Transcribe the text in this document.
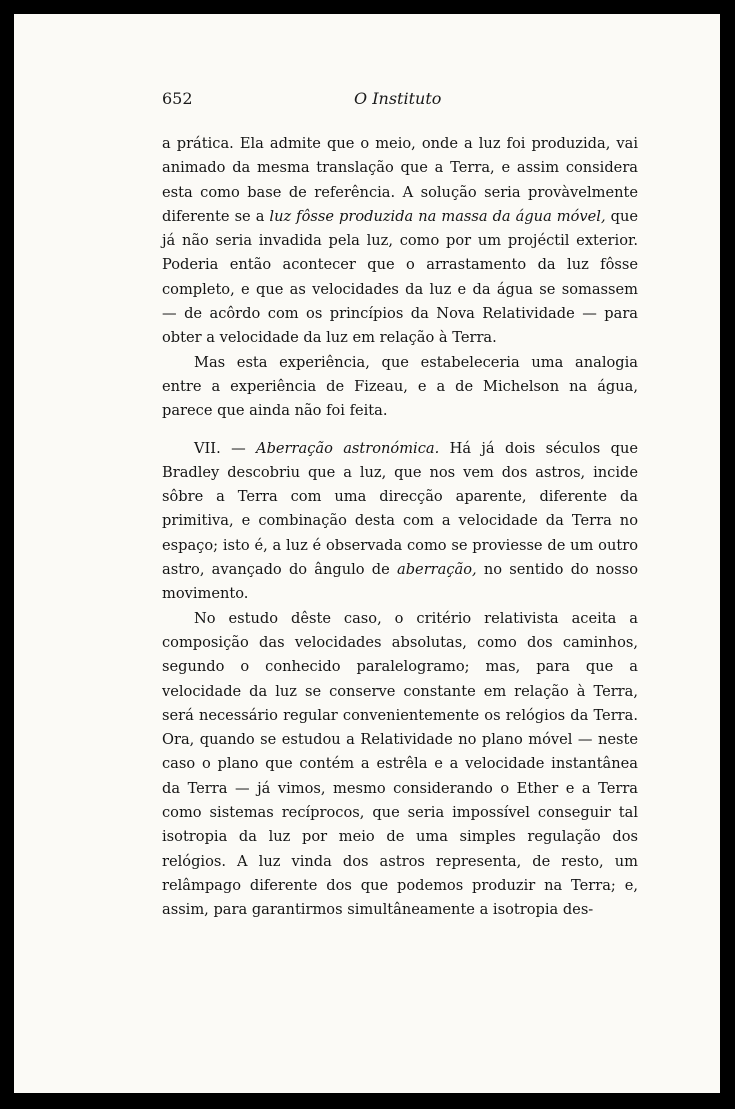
652	O Instituto

a prática. Ela admite que o meio, onde a luz foi produzida, vai animado da mesma translação que a Terra, e assim considera esta como base de referência. A solução seria provàvelmente diferente se a luz fôsse produzida na massa da água móvel, que já não seria invadida pela luz, como por um projéctil exterior. Poderia então acontecer que o arrastamento da luz fôsse completo, e que as velocidades da luz e da água se somassem — de acôrdo com os princípios da Nova Relatividade — para obter a velocidade da luz em relação à Terra.

Mas esta experiência, que estabeleceria uma analogia entre a experiência de Fizeau, e a de Michelson na água, parece que ainda não foi feita.

VII. — Aberração astronómica. Há já dois séculos que Bradley descobriu que a luz, que nos vem dos astros, incide sôbre a Terra com uma direcção aparente, diferente da primitiva, e combinação desta com a velocidade da Terra no espaço; isto é, a luz é observada como se proviesse de um outro astro, avançado do ângulo de aberração, no sentido do nosso movimento.

No estudo dêste caso, o critério relativista aceita a composição das velocidades absolutas, como dos caminhos, segundo o conhecido paralelogramo; mas, para que a velocidade da luz se conserve constante em relação à Terra, será necessário regular convenientemente os relógios da Terra. Ora, quando se estudou a Relatividade no plano móvel — neste caso o plano que contém a estrêla e a velocidade instantânea da Terra — já vimos, mesmo considerando o Ether e a Terra como sistemas recíprocos, que seria impossível conseguir tal isotropia da luz por meio de uma simples regulação dos relógios. A luz vinda dos astros representa, de resto, um relâmpago diferente dos que podemos produzir na Terra; e, assim, para garantirmos simultâneamente a isotropia des-
